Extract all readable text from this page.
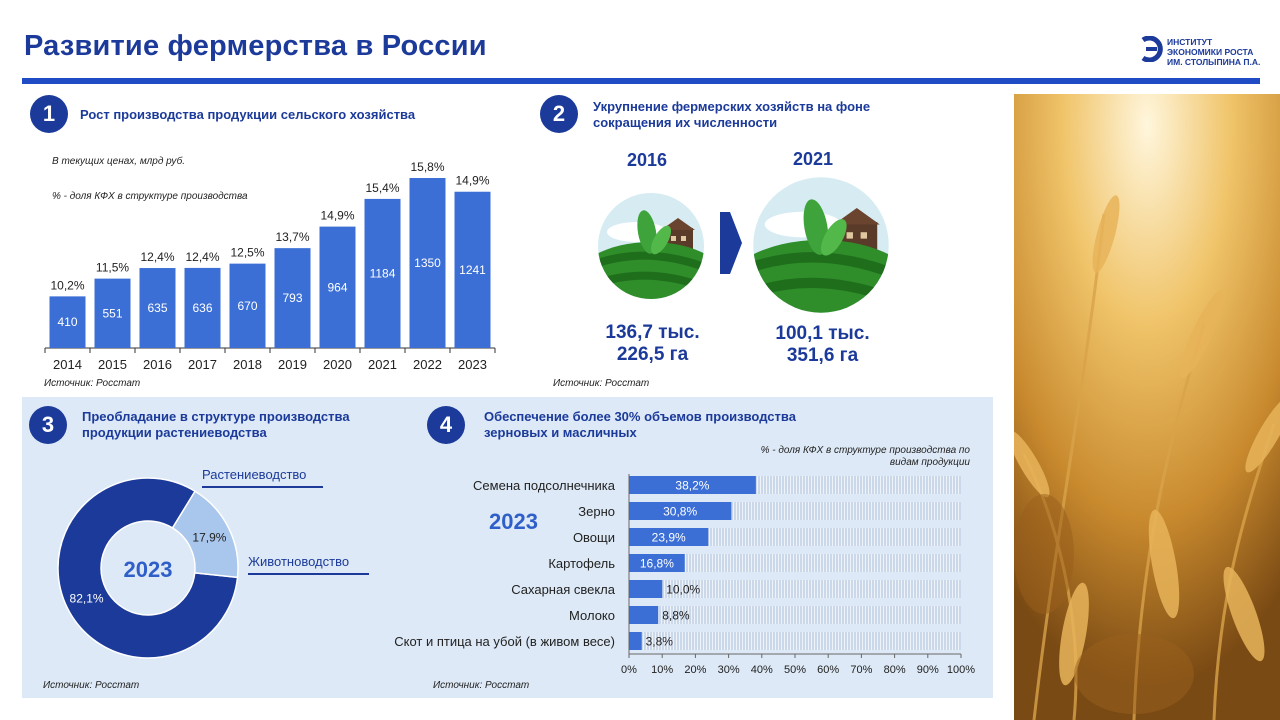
Развитие фермерства в России	ИНСТИТУТ
ЭКОНОМИКИ РОСТА
ИМ. СТОЛЫПИНА П.А.
1	Рост производства продукции сельского хозяйства
В текущих ценах, млрд руб.
% - доля КФХ в структуре производства
410
10,2%
2014
551
11,5%
2015
635
12,4%
2016
636
12,4%
2017
670
12,5%
2018
793
13,7%
2019
964
14,9%
2020
1184
15,4%
2021
1350
15,8%
2022
1241
14,9%
2023
Источник: Росстат
2	Укрупнение фермерских хозяйств на фоне
сокращения их численности
2016	2021
136,7 тыс.
226,5 га
100,1 тыс.
351,6 га
Источник: Росстат
3	Преобладание в структуре производства
продукции растениеводства
82,1%
17,9%
2023
Растениеводство
Животноводство
Источник: Росстат
4	Обеспечение более 30% объемов производства
зерновых и масличных
% - доля КФХ в структуре производства по
видам продукции
2023
38,2%
Семена подсолнечника
30,8%
Зерно
23,9%
Овощи
16,8%
Картофель
10,0%
Сахарная свекла
8,8%
Молоко
3,8%
Скот и птица на убой (в живом весе)
0% 10% 20% 30% 40% 50% 60% 70% 80% 90% 100%
Источник: Росстат
